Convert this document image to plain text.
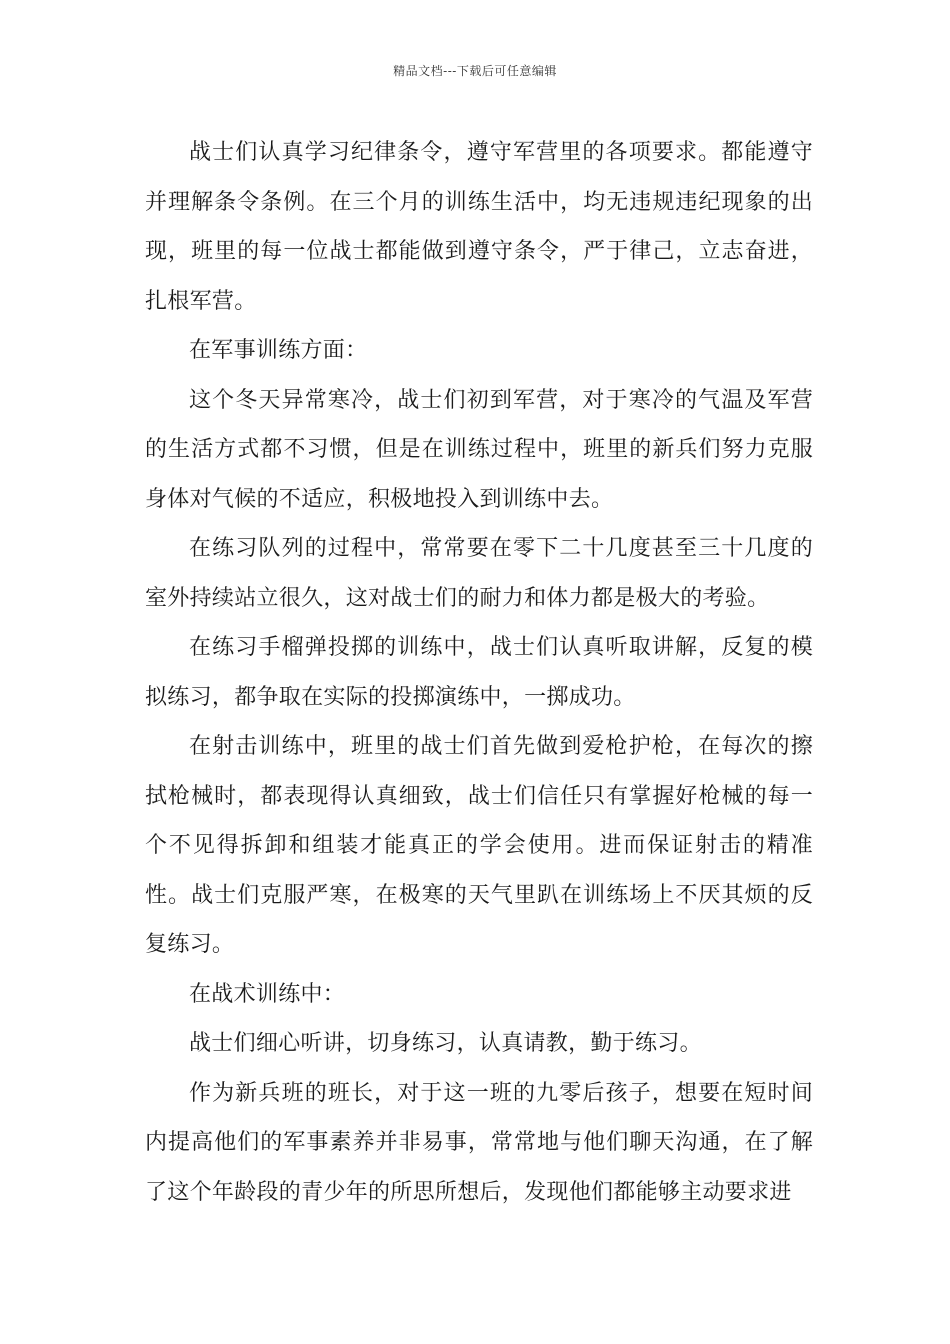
精品文档---下载后可任意编辑

战士们认真学习纪律条令，遵守军营里的各项要求。都能遵守并理解条令条例。在三个月的训练生活中，均无违规违纪现象的出现，班里的每一位战士都能做到遵守条令，严于律己，立志奋进，扎根军营。

在军事训练方面：

这个冬天异常寒冷，战士们初到军营，对于寒冷的气温及军营的生活方式都不习惯，但是在训练过程中，班里的新兵们努力克服身体对气候的不适应，积极地投入到训练中去。

在练习队列的过程中，常常要在零下二十几度甚至三十几度的室外持续站立很久，这对战士们的耐力和体力都是极大的考验。

在练习手榴弹投掷的训练中，战士们认真听取讲解，反复的模拟练习，都争取在实际的投掷演练中，一掷成功。

在射击训练中，班里的战士们首先做到爱枪护枪，在每次的擦拭枪械时，都表现得认真细致，战士们信任只有掌握好枪械的每一个不见得拆卸和组装才能真正的学会使用。进而保证射击的精准性。战士们克服严寒，在极寒的天气里趴在训练场上不厌其烦的反复练习。

在战术训练中：

战士们细心听讲，切身练习，认真请教，勤于练习。

作为新兵班的班长，对于这一班的九零后孩子，想要在短时间内提高他们的军事素养并非易事，常常地与他们聊天沟通，在了解了这个年龄段的青少年的所思所想后，发现他们都能够主动要求进
